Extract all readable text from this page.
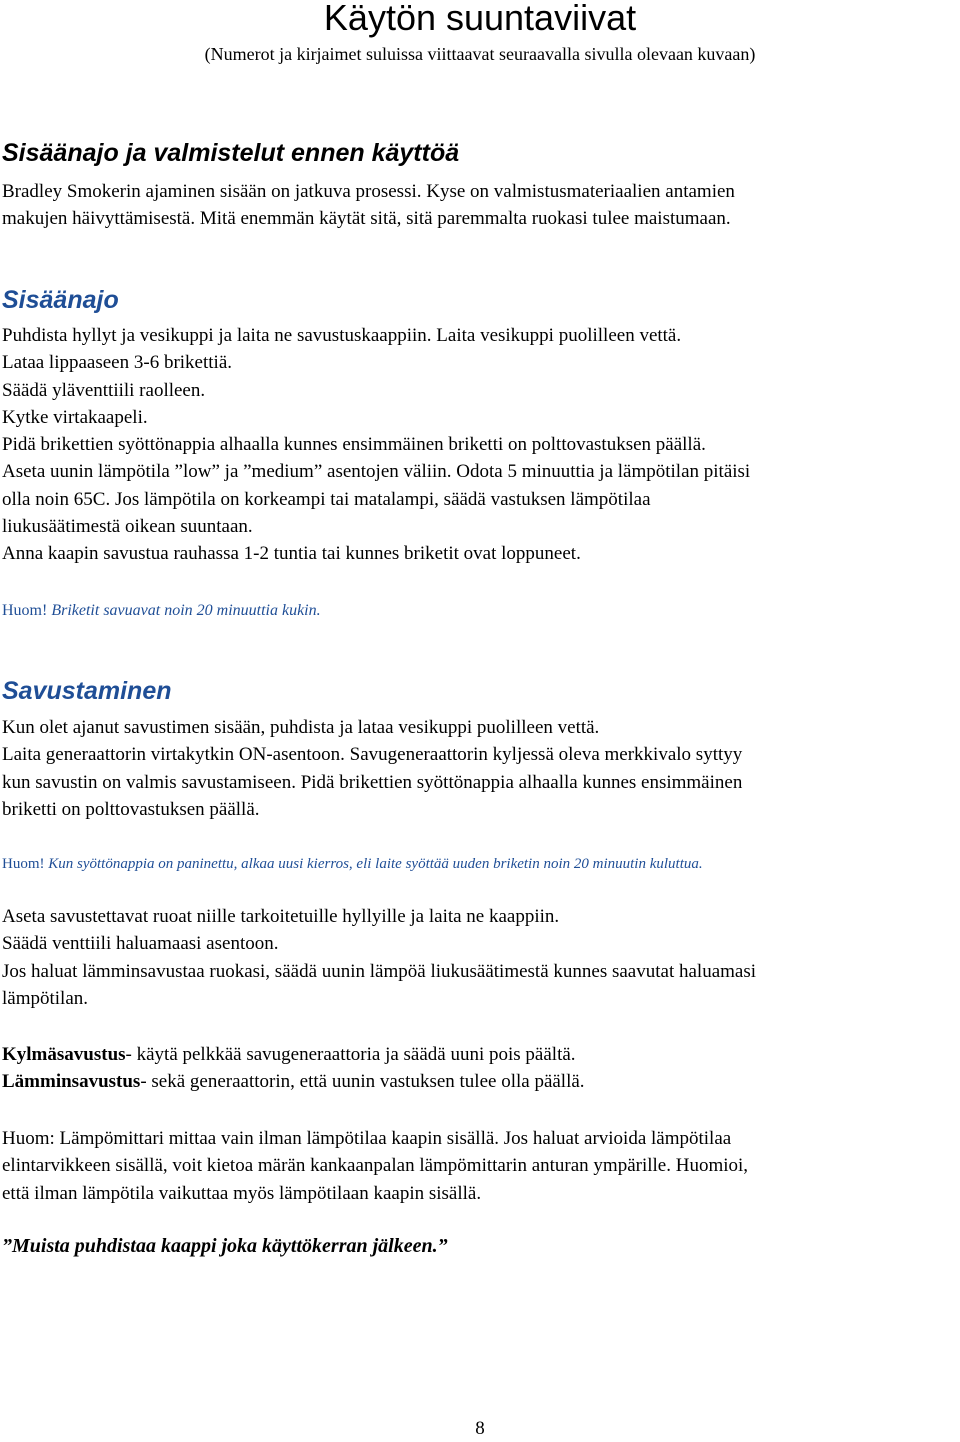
Käytön suuntaviivat
(Numerot ja kirjaimet suluissa viittaavat seuraavalla sivulla olevaan kuvaan)
Sisäänajo ja valmistelut ennen käyttöä

Bradley Smokerin ajaminen sisään on jatkuva prosessi. Kyse on valmistusmateriaalien antamien

makujen häivyttämisestä. Mitä enemmän käytät sitä, sitä paremmalta ruokasi tulee maistumaan.

Sisäänajo

Puhdista hyllyt ja vesikuppi ja laita ne savustuskaappiin. Laita vesikuppi puolilleen vettä.

Lataa lippaaseen 3-6 brikettiä.

Säädä yläventtiili raolleen.

Kytke virtakaapeli.

Pidä brikettien syöttönappia alhaalla kunnes ensimmäinen briketti on polttovastuksen päällä.

Aseta uunin lämpötila ”low” ja ”medium” asentojen väliin. Odota 5 minuuttia ja lämpötilan pitäisi

olla noin 65C. Jos lämpötila on korkeampi tai matalampi, säädä vastuksen lämpötilaa

liukusäätimestä oikean suuntaan.

Anna kaapin savustua rauhassa 1-2 tuntia tai kunnes briketit ovat loppuneet.

Huom! Briketit savuavat noin 20 minuuttia kukin.
Savustaminen

Kun olet ajanut savustimen sisään, puhdista ja lataa vesikuppi puolilleen vettä.

Laita generaattorin virtakytkin ON-asentoon. Savugeneraattorin kyljessä oleva merkkivalo syttyy

kun savustin on valmis savustamiseen. Pidä brikettien syöttönappia alhaalla kunnes ensimmäinen

briketti on polttovastuksen päällä.

Huom! Kun syöttönappia on paninettu, alkaa uusi kierros, eli laite syöttää uuden briketin noin 20 minuutin kuluttua.

Aseta savustettavat ruoat niille tarkoitetuille hyllyille ja laita ne kaappiin.

Säädä venttiili haluamaasi asentoon.

Jos haluat lämminsavustaa ruokasi, säädä uunin lämpöä liukusäätimestä kunnes saavutat haluamasi

lämpötilan.

Kylmäsavustus- käytä pelkkää savugeneraattoria ja säädä uuni pois päältä.

Lämminsavustus- sekä generaattorin, että uunin vastuksen tulee olla päällä.

Huom: Lämpömittari mittaa vain ilman lämpötilaa kaapin sisällä. Jos haluat arvioida lämpötilaa

elintarvikkeen sisällä, voit kietoa märän kankaanpalan lämpömittarin anturan ympärille. Huomioi,

että ilman lämpötila vaikuttaa myös lämpötilaan kaapin sisällä.

”Muista puhdistaa kaappi joka käyttökerran jälkeen.”
8
